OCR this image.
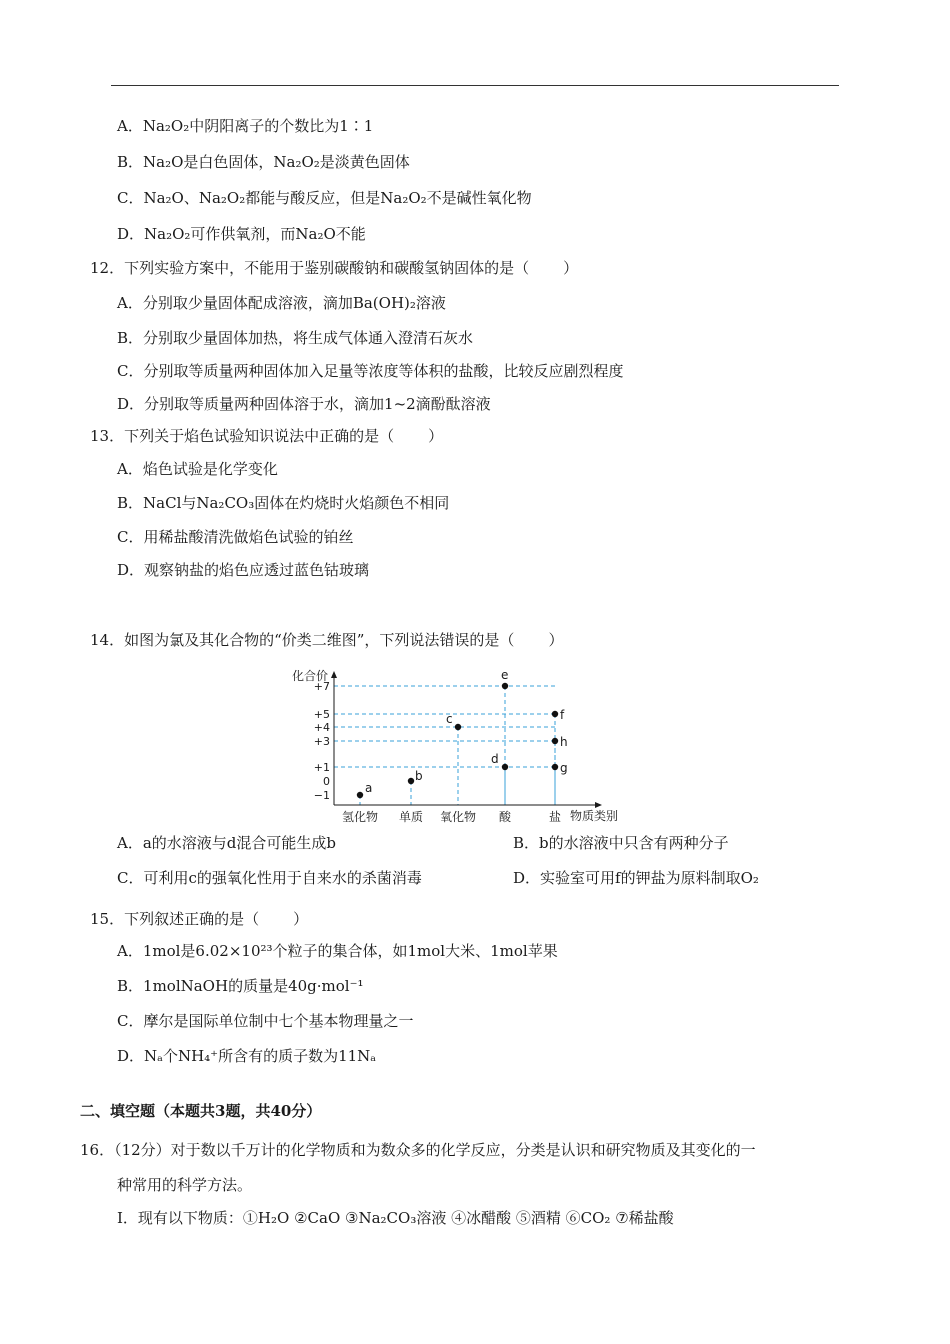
A．Na₂O₂中阴阳离子的个数比为1∶1
B．Na₂O是白色固体，Na₂O₂是淡黄色固体
C．Na₂O、Na₂O₂都能与酸反应，但是Na₂O₂不是碱性氧化物
D．Na₂O₂可作供氧剂，而Na₂O不能
12．下列实验方案中，不能用于鉴别碳酸钠和碳酸氢钠固体的是（ ）
A．分别取少量固体配成溶液，滴加Ba(OH)₂溶液
B．分别取少量固体加热，将生成气体通入澄清石灰水
C．分别取等质量两种固体加入足量等浓度等体积的盐酸，比较反应剧烈程度
D．分别取等质量两种固体溶于水，滴加1~2滴酚酞溶液
13．下列关于焰色试验知识说法中正确的是（ ）
A．焰色试验是化学变化
B．NaCl与Na₂CO₃固体在灼烧时火焰颜色不相同
C．用稀盐酸清洗做焰色试验的铂丝
D．观察钠盐的焰色应透过蓝色钴玻璃
14．如图为氯及其化合物的“价类二维图”，下列说法错误的是（ ）
+7
+5
+4
+3
+1
0
−1
氢化物 单质 氧化物 酸	盐
a
b
c
d
e
f
h
g
化合价
物质类别
A．a的水溶液与d混合可能生成b	B．b的水溶液中只含有两种分子
C．可利用c的强氧化性用于自来水的杀菌消毒	D．实验室可用f的钾盐为原料制取O₂
15．下列叙述正确的是（ ）
A．1mol是6.02×10²³个粒子的集合体，如1mol大米、1mol苹果
B．1molNaOH的质量是40g·mol⁻¹
C．摩尔是国际单位制中七个基本物理量之一
D．Nₐ个NH₄⁺所含有的质子数为11Nₐ
二、填空题（本题共3题，共40分）
16．（12分）对于数以千万计的化学物质和为数众多的化学反应，分类是认识和研究物质及其变化的一
种常用的科学方法。
Ⅰ．现有以下物质：①H₂O ②CaO ③Na₂CO₃溶液 ④冰醋酸 ⑤酒精 ⑥CO₂ ⑦稀盐酸
